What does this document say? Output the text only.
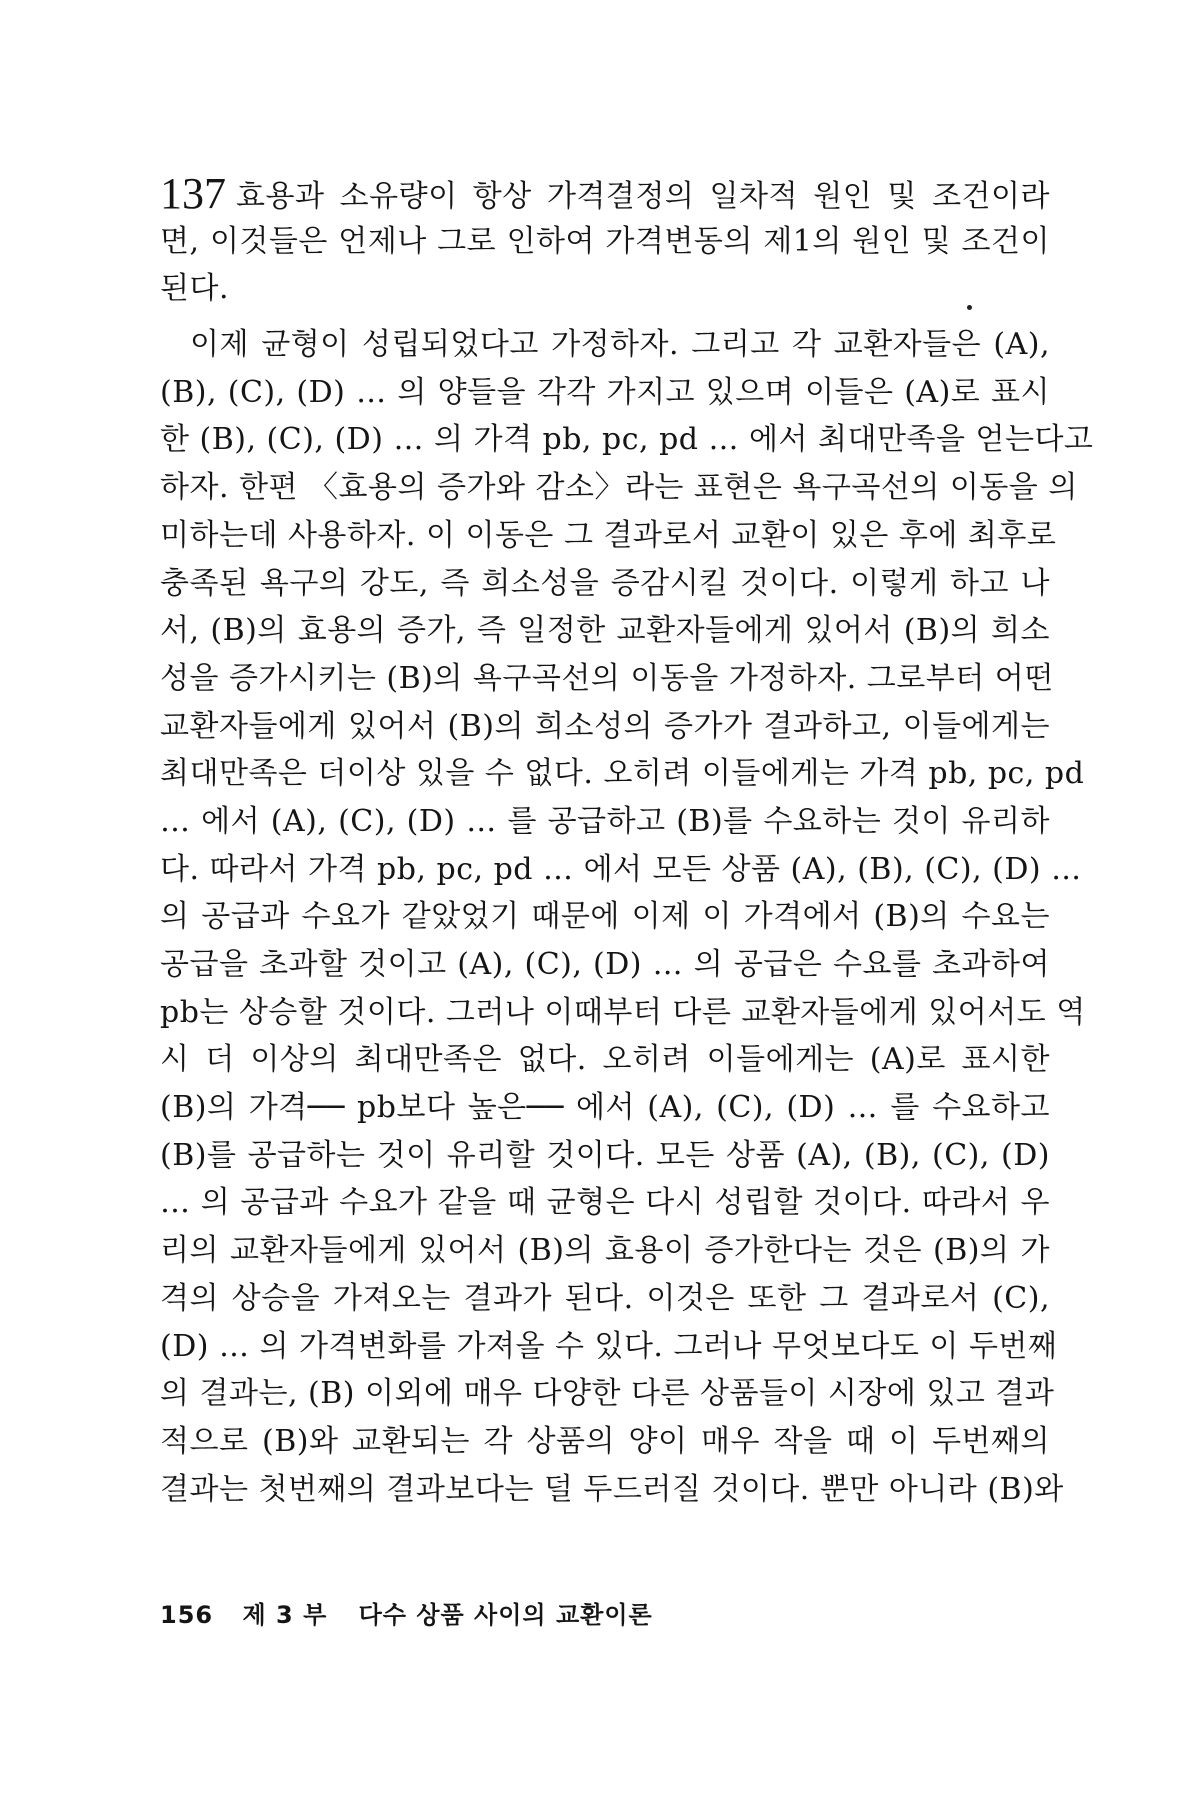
137 효용과 소유량이 항상 가격결정의 일차적 원인 및 조건이라
면, 이것들은 언제나 그로 인하여 가격변동의 제1의 원인 및 조건이
된다.
이제 균형이 성립되었다고 가정하자. 그리고 각 교환자들은 (A),
(B), (C), (D) … 의 양들을 각각 가지고 있으며 이들은 (A)로 표시
한 (B), (C), (D) … 의 가격 pb, pc, pd … 에서 최대만족을 얻는다고
하자. 한편 〈효용의 증가와 감소〉라는 표현은 욕구곡선의 이동을 의
미하는데 사용하자. 이 이동은 그 결과로서 교환이 있은 후에 최후로
충족된 욕구의 강도, 즉 희소성을 증감시킬 것이다. 이렇게 하고 나
서, (B)의 효용의 증가, 즉 일정한 교환자들에게 있어서 (B)의 희소
성을 증가시키는 (B)의 욕구곡선의 이동을 가정하자. 그로부터 어떤
교환자들에게 있어서 (B)의 희소성의 증가가 결과하고, 이들에게는
최대만족은 더이상 있을 수 없다. 오히려 이들에게는 가격 pb, pc, pd
… 에서 (A), (C), (D) … 를 공급하고 (B)를 수요하는 것이 유리하
다. 따라서 가격 pb, pc, pd … 에서 모든 상품 (A), (B), (C), (D) …
의 공급과 수요가 같았었기 때문에 이제 이 가격에서 (B)의 수요는
공급을 초과할 것이고 (A), (C), (D) … 의 공급은 수요를 초과하여
pb는 상승할 것이다. 그러나 이때부터 다른 교환자들에게 있어서도 역
시 더 이상의 최대만족은 없다. 오히려 이들에게는 (A)로 표시한
(B)의 가격── pb보다 높은── 에서 (A), (C), (D) … 를 수요하고
(B)를 공급하는 것이 유리할 것이다. 모든 상품 (A), (B), (C), (D)
… 의 공급과 수요가 같을 때 균형은 다시 성립할 것이다. 따라서 우
리의 교환자들에게 있어서 (B)의 효용이 증가한다는 것은 (B)의 가
격의 상승을 가져오는 결과가 된다. 이것은 또한 그 결과로서 (C),
(D) … 의 가격변화를 가져올 수 있다. 그러나 무엇보다도 이 두번째
의 결과는, (B) 이외에 매우 다양한 다른 상품들이 시장에 있고 결과
적으로 (B)와 교환되는 각 상품의 양이 매우 작을 때 이 두번째의
결과는 첫번째의 결과보다는 덜 두드러질 것이다. 뿐만 아니라 (B)와
156 제 3 부 다수 상품 사이의 교환이론
